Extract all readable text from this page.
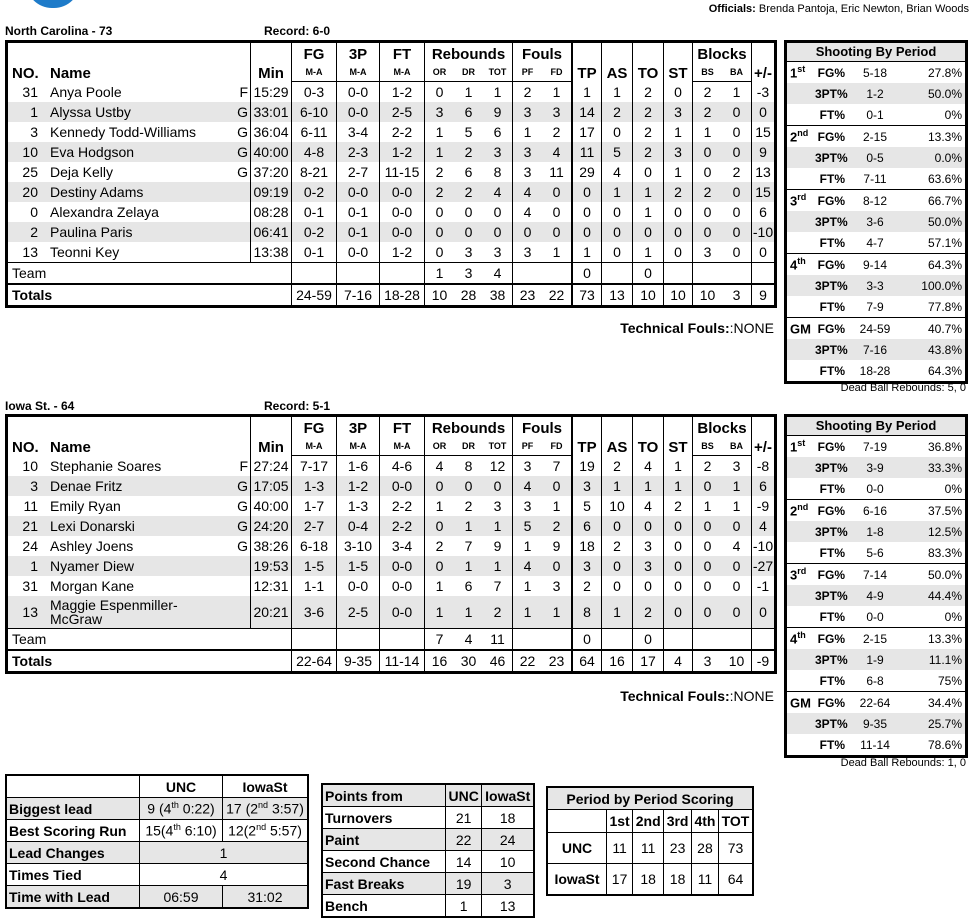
Officials: Brenda Pantoja, Eric Newton, Brian Woods
North Carolina - 73	Record: 6-0
NO.	Name	Min	FG	3P	FT	Rebounds			Fouls		TP	AS	TO	ST	Blocks		+/-
			M-A	M-A	M-A	OR	DR	TOT	PF	FD					BS	BA	
31	Anya Poole F	15:29	0-3	0-0	1-2	0	1	1	2	1	1	1	2	0	2	1	-3
1	Alyssa Ustby G	33:01	6-10	0-0	2-5	3	6	9	3	3	14	2	2	3	2	0	0
3	Kennedy Todd-Williams G	36:04	6-11	3-4	2-2	1	5	6	1	2	17	0	2	1	1	0	15
10	Eva Hodgson G	40:00	4-8	2-3	1-2	1	2	3	3	4	11	5	2	3	0	0	9
25	Deja Kelly G	37:20	8-21	2-7	11-15	2	6	8	3	11	29	4	0	1	0	2	13
20	Destiny Adams	09:19	0-2	0-0	0-0	2	2	4	4	0	0	1	1	2	2	0	15
0	Alexandra Zelaya	08:28	0-1	0-1	0-0	0	0	0	4	0	0	0	1	0	0	0	6
2	Paulina Paris	06:41	0-2	0-1	0-0	0	0	0	0	0	0	0	0	0	0	0	-10
13	Teonni Key	13:38	0-1	0-0	1-2	0	3	3	3	1	1	0	1	0	3	0	0
Team						1	3	4			0		0				
Totals			24-59	7-16	18-28	10	28	38	23	22	73	13	10	10	10	3	9
Technical Fouls::NONE
Shooting By Period
1st FG%	5-18	27.8%
3PT%	1-2	50.0%
FT%	0-1	0%
2nd FG%	2-15	13.3%
3PT%	0-5	0.0%
FT%	7-11	63.6%
3rd FG%	8-12	66.7%
3PT%	3-6	50.0%
FT%	4-7	57.1%
4th FG%	9-14	64.3%
3PT%	3-3	100.0%
FT%	7-9	77.8%
GM FG%	24-59	40.7%
3PT%	7-16	43.8%
FT%	18-28	64.3%
Dead Ball Rebounds: 5, 0
Iowa St. - 64	Record: 5-1
NO.	Name	Min	FG	3P	FT	Rebounds			Fouls		TP	AS	TO	ST	Blocks		+/-
			M-A	M-A	M-A	OR	DR	TOT	PF	FD					BS	BA	
10	Stephanie Soares F	27:24	7-17	1-6	4-6	4	8	12	3	7	19	2	4	1	2	3	-8
3	Denae Fritz G	17:05	1-3	1-2	0-0	0	0	0	4	0	3	1	1	1	0	1	6
11	Emily Ryan G	40:00	1-7	1-3	2-2	1	2	3	3	1	5	10	4	2	1	1	-9
21	Lexi Donarski G	24:20	2-7	0-4	2-2	0	1	1	5	2	6	0	0	0	0	0	4
24	Ashley Joens G	38:26	6-18	3-10	3-4	2	7	9	1	9	18	2	3	0	0	4	-10
1	Nyamer Diew	19:53	1-5	1-5	0-0	0	1	1	4	0	3	0	3	0	0	0	-27
31	Morgan Kane	12:31	1-1	0-0	0-0	1	6	7	1	3	2	0	0	0	0	0	-1
13	Maggie Espenmiller-
McGraw	20:21	3-6	2-5	0-0	1	1	2	1	1	8	1	2	0	0	0	0
Team						7	4	11			0		0				
Totals			22-64	9-35	11-14	16	30	46	22	23	64	16	17	4	3	10	-9
Technical Fouls::NONE
Shooting By Period
1st FG%	7-19	36.8%
3PT%	3-9	33.3%
FT%	0-0	0%
2nd FG%	6-16	37.5%
3PT%	1-8	12.5%
FT%	5-6	83.3%
3rd FG%	7-14	50.0%
3PT%	4-9	44.4%
FT%	0-0	0%
4th FG%	2-15	13.3%
3PT%	1-9	11.1%
FT%	6-8	75%
GM FG%	22-64	34.4%
3PT%	9-35	25.7%
FT%	11-14	78.6%
Dead Ball Rebounds: 1, 0
	UNC	IowaSt
Biggest lead	9 (4th 0:22)	17 (2nd 3:57)
Best Scoring Run	15(4th 6:10)	12(2nd 5:57)
Lead Changes	1	
Times Tied	4	
Time with Lead	06:59	31:02
Points from	UNC	IowaSt
Turnovers	21	18
Paint	22	24
Second Chance	14	10
Fast Breaks	19	3
Bench	1	13
Period by Period Scoring					
	1st	2nd	3rd	4th	TOT
UNC	11	11	23	28	73
IowaSt	17	18	18	11	64
